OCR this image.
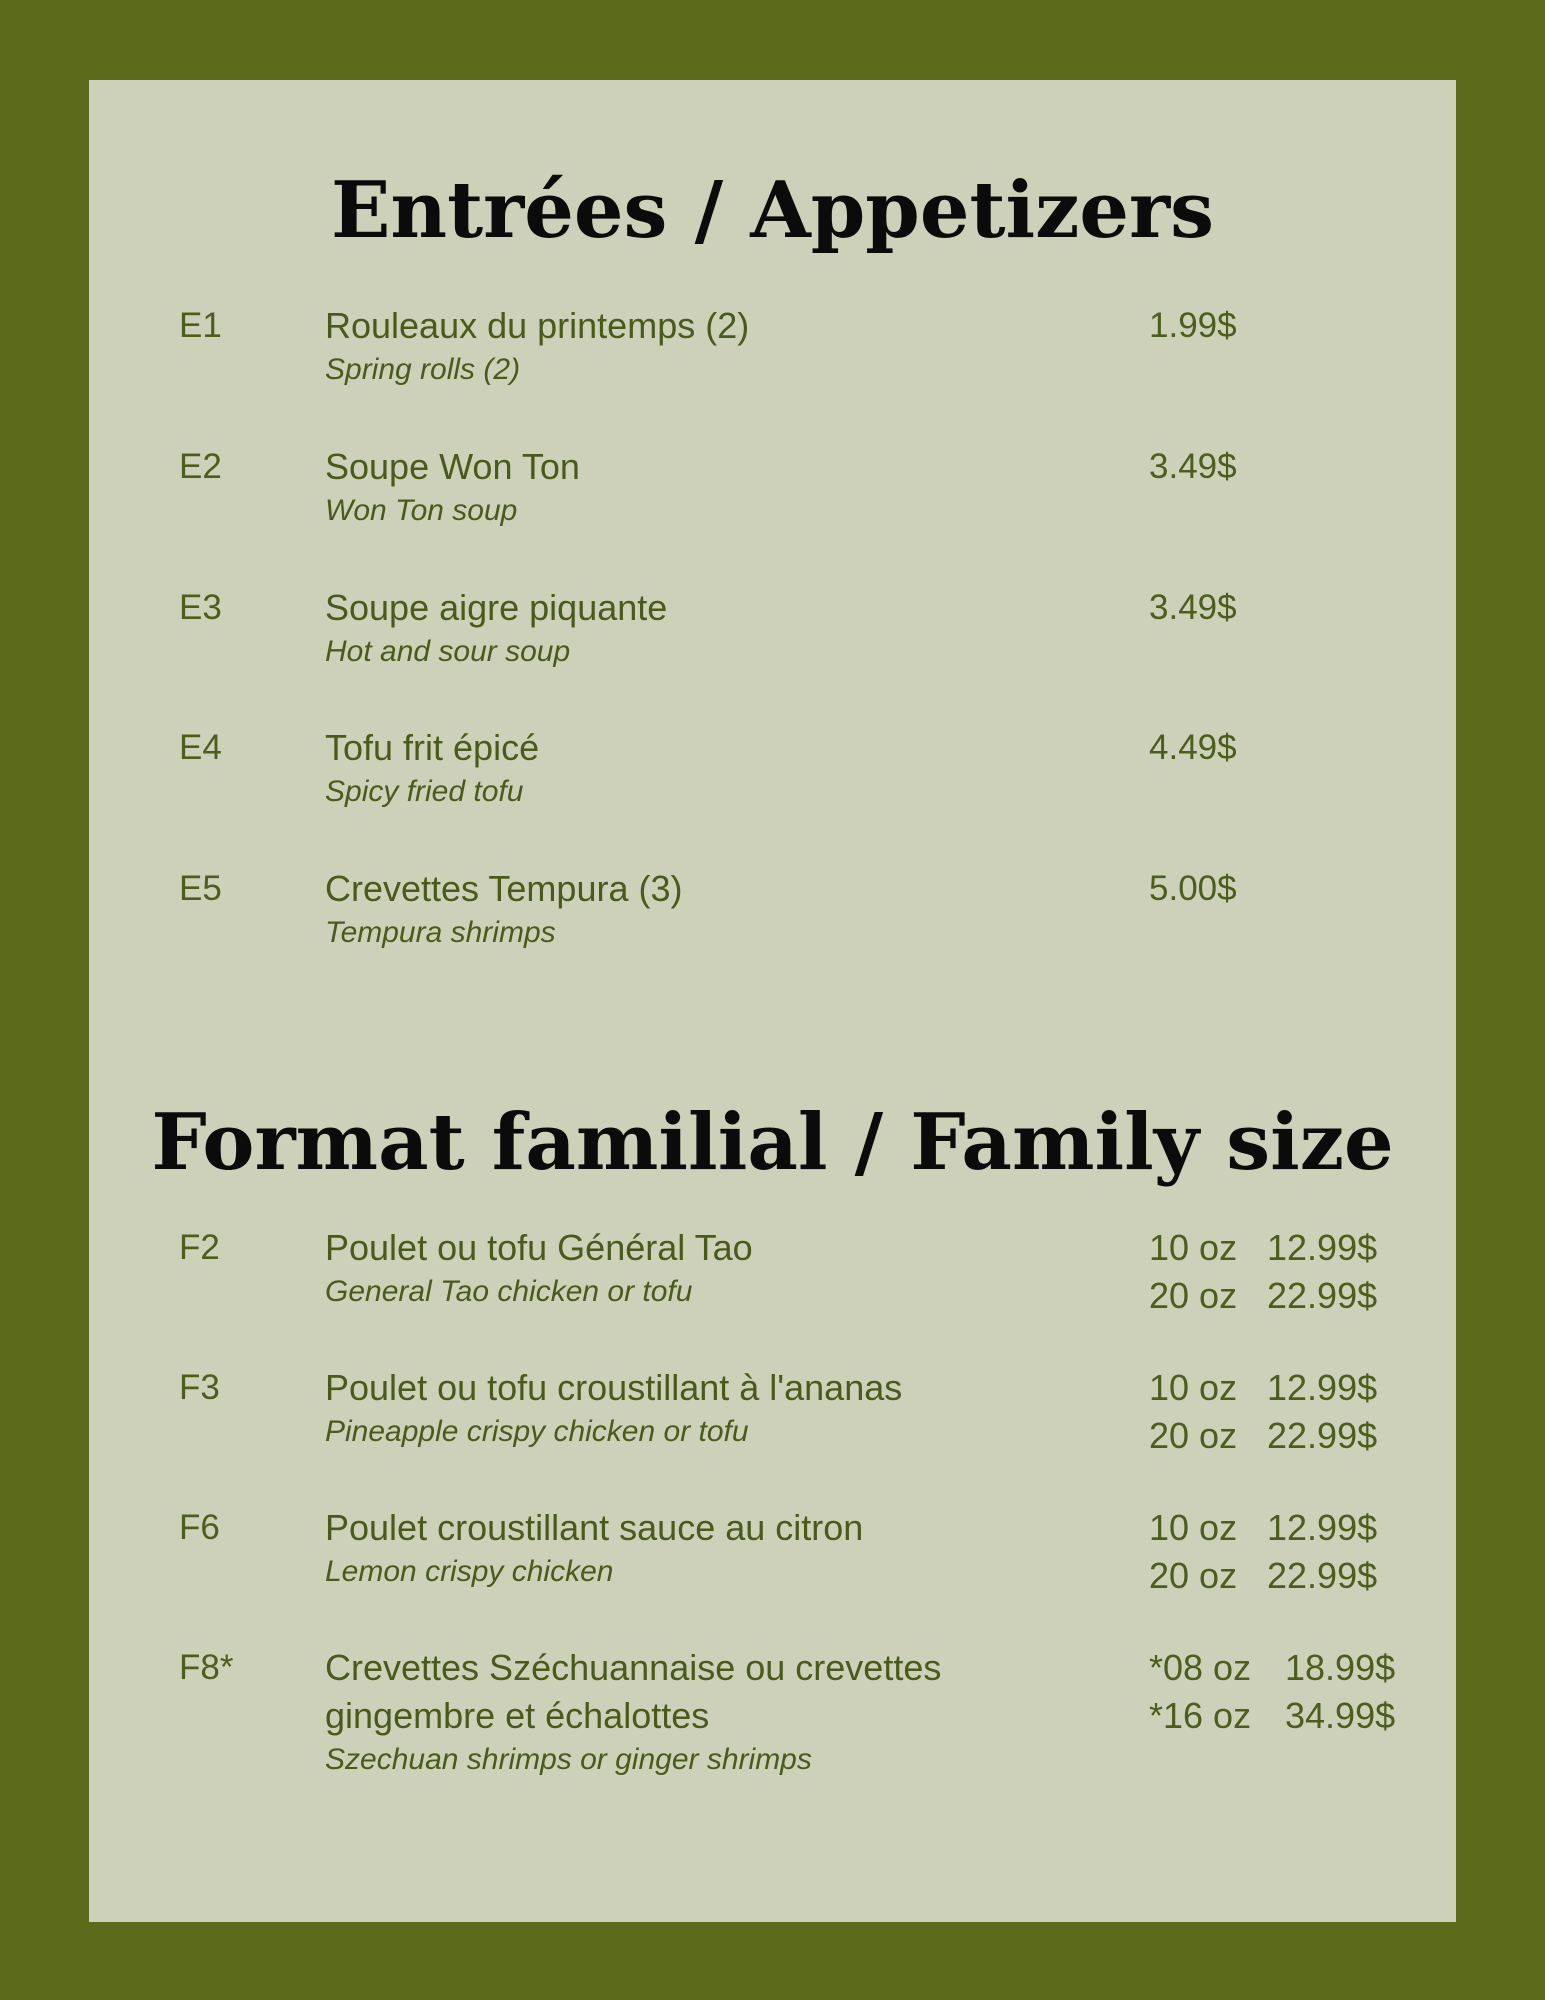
Entrées / Appetizers
E1	Rouleaux du printemps (2)
Spring rolls (2)
1.99$
E2	Soupe Won Ton
Won Ton soup
3.49$
E3	Soupe aigre piquante
Hot and sour soup
3.49$
E4	Tofu frit épicé
Spicy fried tofu
4.49$
E5	Crevettes Tempura (3)
Tempura shrimps
5.00$
Format familial / Family size
F2	Poulet ou tofu Général Tao
General Tao chicken or tofu
10 oz 12.99$
20 oz 22.99$
F3	Poulet ou tofu croustillant à l'ananas
Pineapple crispy chicken or tofu
10 oz 12.99$
20 oz 22.99$
F6	Poulet croustillant sauce au citron
Lemon crispy chicken
10 oz 12.99$
20 oz 22.99$
F8*	Crevettes Széchuannaise ou crevettes
gingembre et échalottes
Szechuan shrimps or ginger shrimps
*08 oz 18.99$
*16 oz 34.99$
